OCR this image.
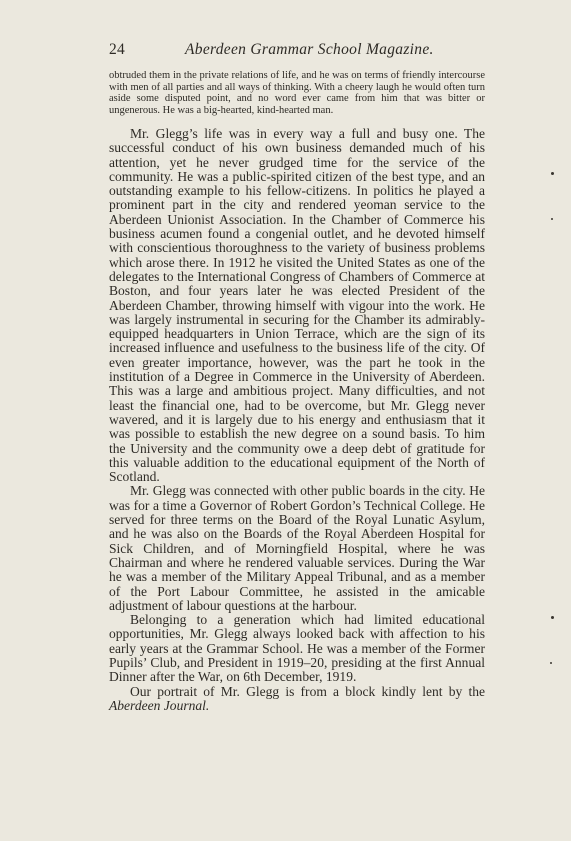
24	Aberdeen Grammar School Magazine.

obtruded them in the private relations of life, and he was on terms of friendly intercourse with men of all parties and all ways of thinking. With a cheery laugh he would often turn aside some disputed point, and no word ever came from him that was bitter or ungenerous. He was a big-hearted, kind-hearted man.

Mr. Glegg’s life was in every way a full and busy one. The successful conduct of his own business demanded much of his attention, yet he never grudged time for the service of the community. He was a public-spirited citizen of the best type, and an outstanding example to his fellow-citizens. In politics he played a prominent part in the city and rendered yeoman service to the Aberdeen Unionist Association. In the Chamber of Commerce his business acumen found a congenial outlet, and he devoted himself with conscientious thoroughness to the variety of business problems which arose there. In 1912 he visited the United States as one of the delegates to the International Congress of Chambers of Commerce at Boston, and four years later he was elected President of the Aberdeen Chamber, throwing himself with vigour into the work. He was largely instrumental in securing for the Chamber its admirably-equipped headquarters in Union Terrace, which are the sign of its increased influence and usefulness to the business life of the city. Of even greater importance, however, was the part he took in the institution of a Degree in Commerce in the University of Aberdeen. This was a large and ambitious project. Many difficulties, and not least the financial one, had to be overcome, but Mr. Glegg never wavered, and it is largely due to his energy and enthusiasm that it was possible to establish the new degree on a sound basis. To him the University and the community owe a deep debt of gratitude for this valuable addition to the educational equipment of the North of Scotland.

Mr. Glegg was connected with other public boards in the city. He was for a time a Governor of Robert Gordon’s Technical College. He served for three terms on the Board of the Royal Lunatic Asylum, and he was also on the Boards of the Royal Aberdeen Hospital for Sick Children, and of Morningfield Hospital, where he was Chairman and where he rendered valuable services. During the War he was a member of the Military Appeal Tribunal, and as a member of the Port Labour Committee, he assisted in the amicable adjustment of labour questions at the harbour.

Belonging to a generation which had limited educational opportunities, Mr. Glegg always looked back with affection to his early years at the Grammar School. He was a member of the Former Pupils’ Club, and President in 1919–20, presiding at the first Annual Dinner after the War, on 6th December, 1919.

Our portrait of Mr. Glegg is from a block kindly lent by the Aberdeen Journal.
